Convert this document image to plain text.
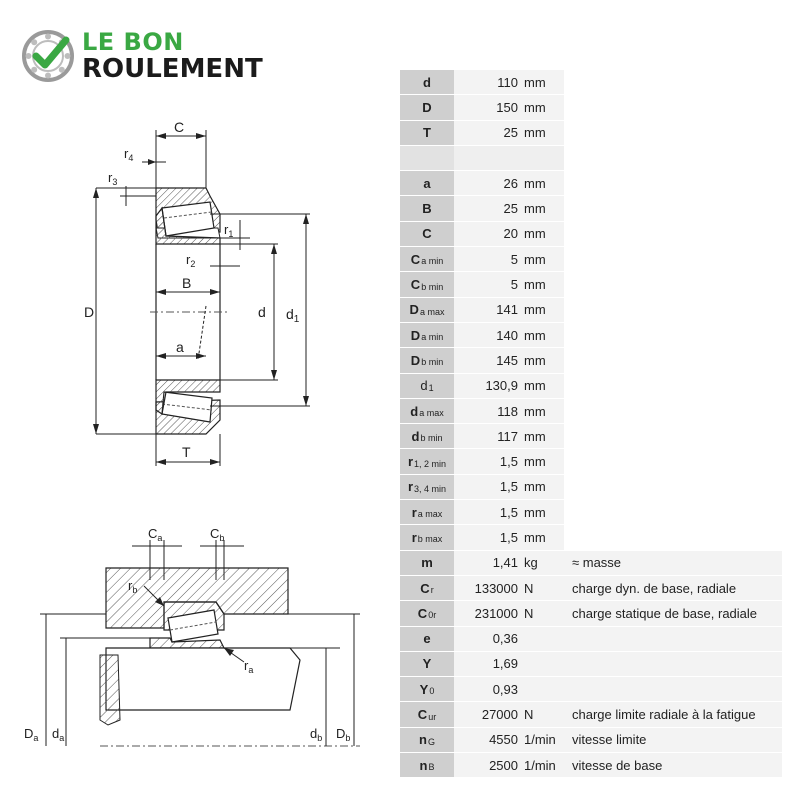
LE BON
ROULEMENT
D	d $d_1$
C
$r_4$
$r_3$
$r_1$
$r_2$
B
a
T
$C_a$	$C_b$
$r_b$
$r_a$
$D_a$ $d_a$	$d_b$ $D_b$
d	110 mm
D	150 mm
T	25 mm
a	26 mm
B	25 mm
C	20 mm
$C_{a min}$	5 mm
$C_{b min}$	5 mm
$D_{a max}$	141 mm
$D_{a min}$	140 mm
$D_{b min}$	145 mm
$d_1$	130,9 mm
$d_{a max}$	118 mm
$d_{b min}$	117 mm
$r_{1, 2 min}$	1,5 mm
$r_{3, 4 min}$	1,5 mm
$r_{a max}$	1,5 mm
$r_{b max}$	1,5 mm
m	1,41 kg	≈ masse
$C_r$	133000 N	charge dyn. de base, radiale
$C_{0r}$	231000 N	charge statique de base, radiale
e	0,36
Y	1,69
$Y_0$	0,93
$C_{ur}$	27000 N	charge limite radiale à la fatigue
$n_G$	4550 1/min	vitesse limite
$n_B$	2500 1/min	vitesse de base
